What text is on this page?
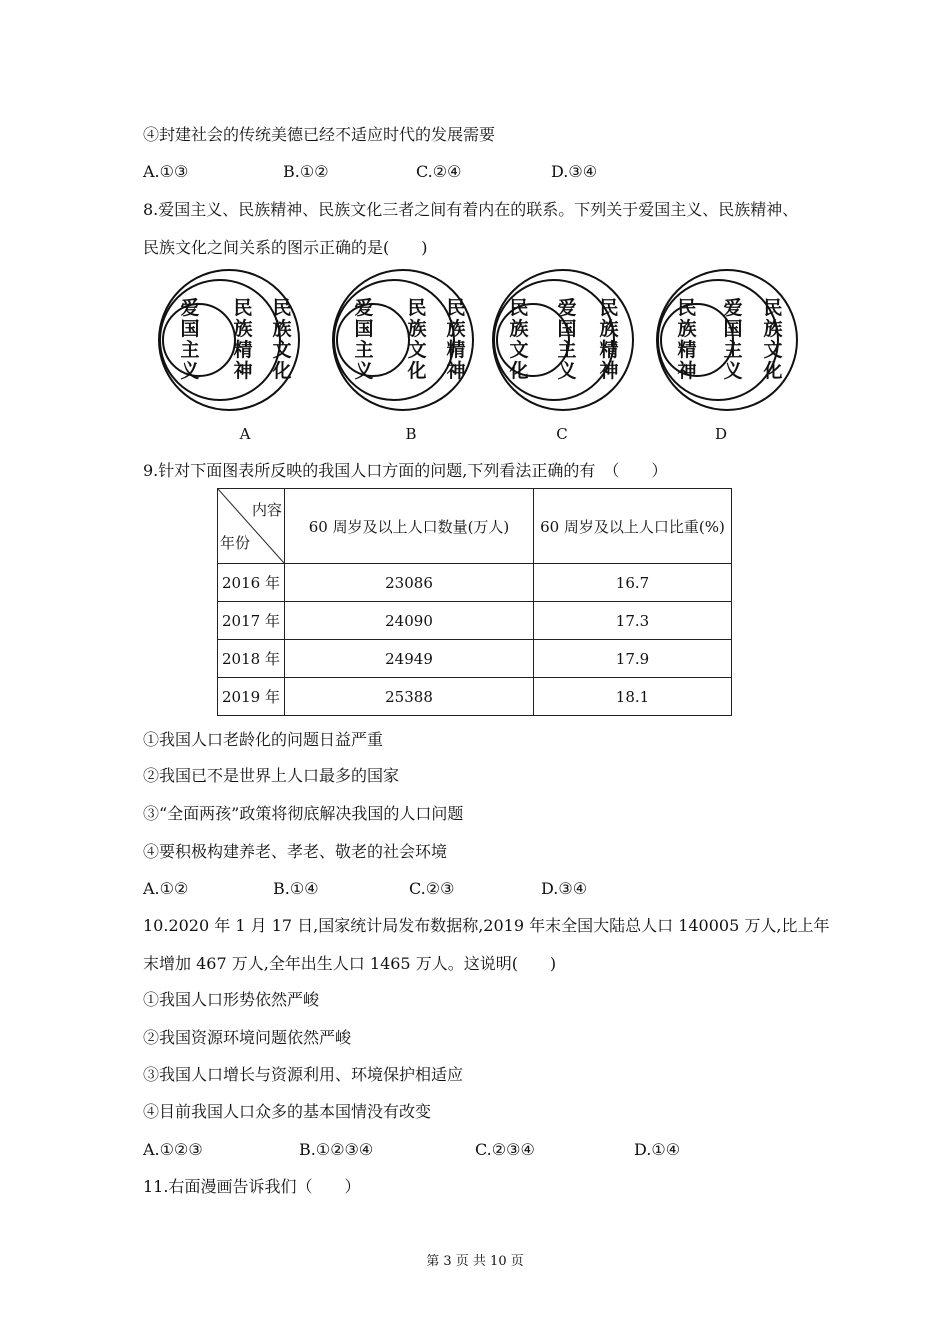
④封建社会的传统美德已经不适应时代的发展需要
A.①③	B.①②	C.②④	D.③④
8.爱国主义、民族精神、民族文化三者之间有着内在的联系。下列关于爱国主义、民族精神、
民族文化之间关系的图示正确的是(　　)
爱国主义
民族精神
民族文化
爱国主义
民族文化
民族精神
民族文化
爱国主义
民族精神
民族精神
爱国主义
民族文化
A	B	C	D
9.针对下面图表所反映的我国人口方面的问题,下列看法正确的有　（　　）
内容
年份	60 周岁及以上人口数量(万人)	60 周岁及以上人口比重(%)
2016 年	23086	16.7
2017 年	24090	17.3
2018 年	24949	17.9
2019 年	25388	18.1
①我国人口老龄化的问题日益严重
②我国已不是世界上人口最多的国家
③“全面两孩”政策将彻底解决我国的人口问题
④要积极构建养老、孝老、敬老的社会环境
A.①②	B.①④	C.②③	D.③④
10.2020 年 1 月 17 日,国家统计局发布数据称,2019 年末全国大陆总人口 140005 万人,比上年
末增加 467 万人,全年出生人口 1465 万人。这说明(　　)
①我国人口形势依然严峻
②我国资源环境问题依然严峻
③我国人口增长与资源利用、环境保护相适应
④目前我国人口众多的基本国情没有改变
A.①②③	B.①②③④	C.②③④	D.①④
11.右面漫画告诉我们（　　）
第 3 页 共 10 页
